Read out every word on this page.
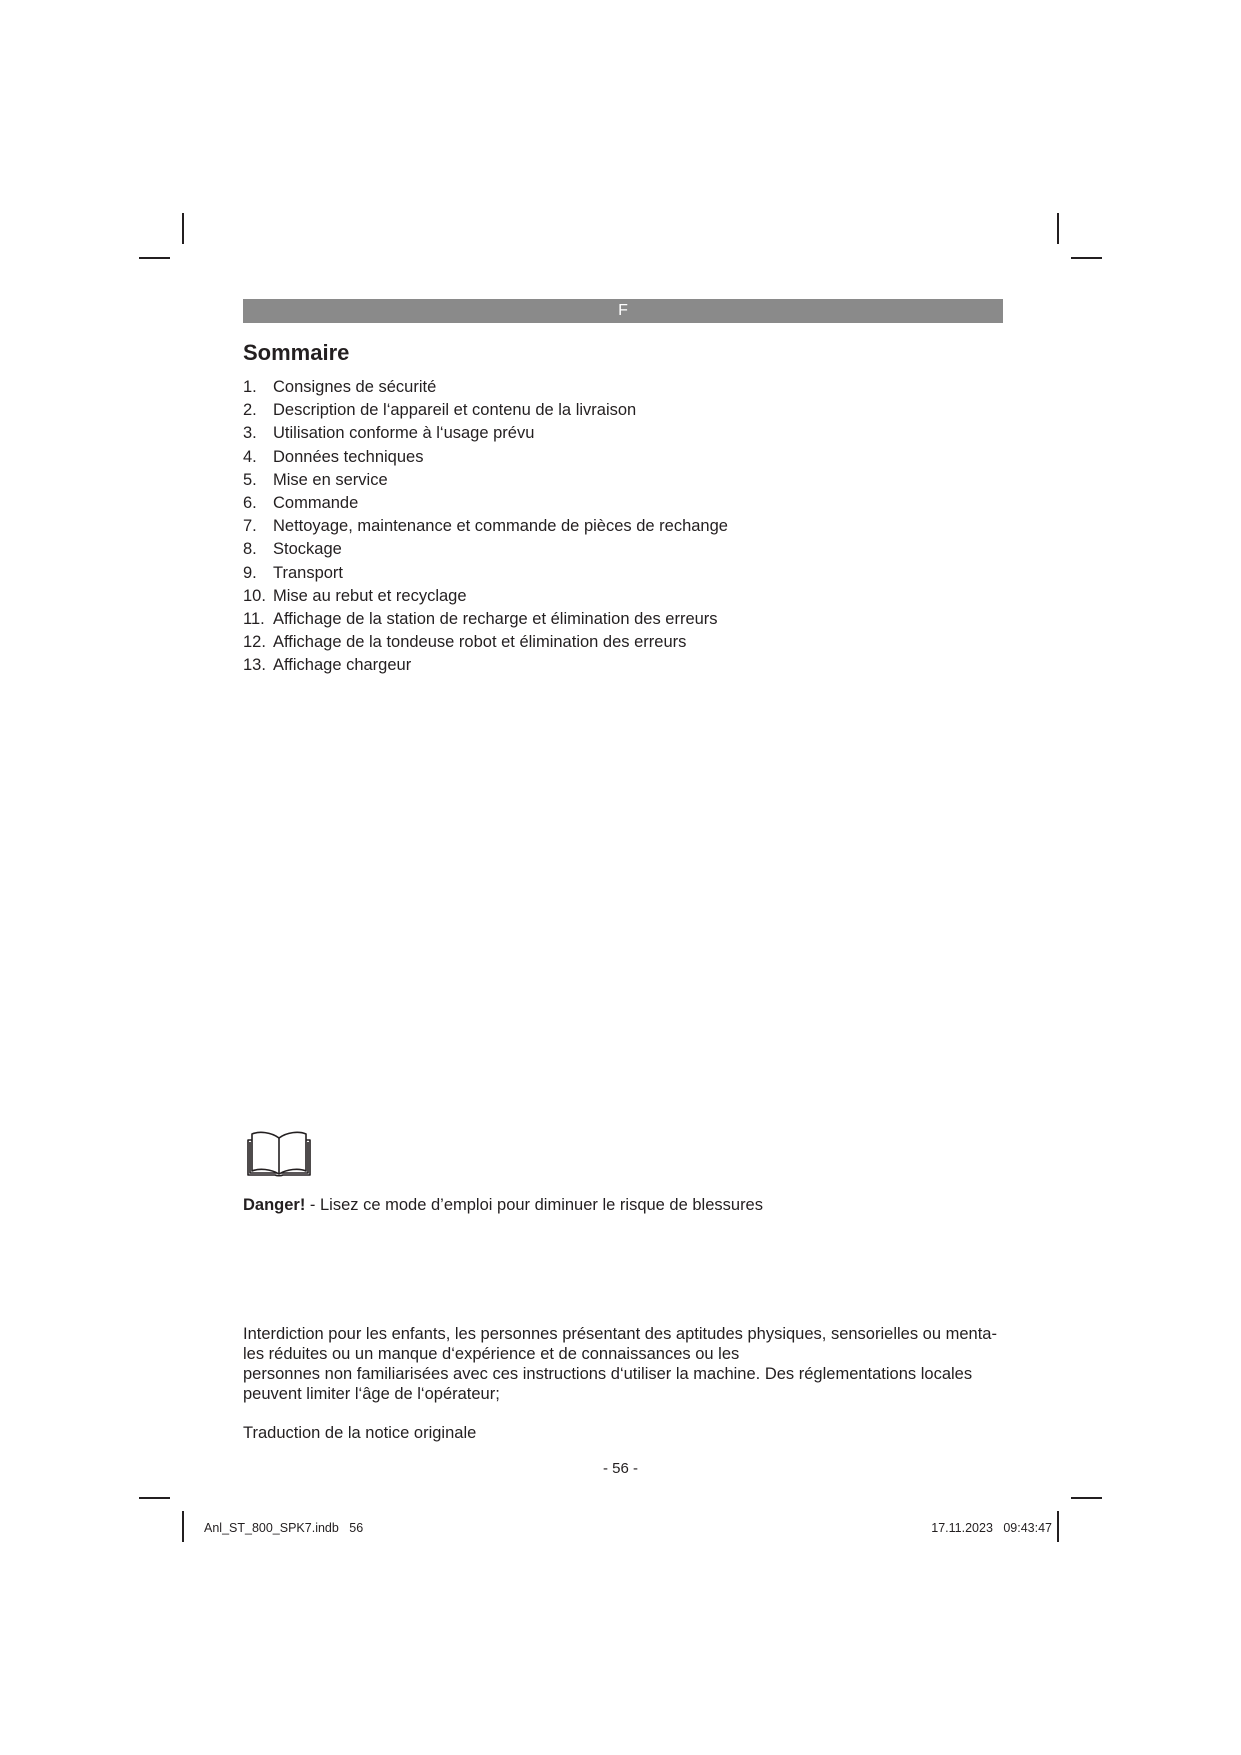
F
Sommaire
1. Consignes de sécurité
2. Description de l‘appareil et contenu de la livraison
3. Utilisation conforme à l‘usage prévu
4. Données techniques
5. Mise en service
6. Commande
7. Nettoyage, maintenance et commande de pièces de rechange
8. Stockage
9. Transport
10. Mise au rebut et recyclage
11. Affichage de la station de recharge et élimination des erreurs
12. Affichage de la tondeuse robot et élimination des erreurs
13. Affichage chargeur
Danger! - Lisez ce mode d’emploi pour diminuer le risque de blessures
Interdiction pour les enfants, les personnes présentant des aptitudes physiques, sensorielles ou menta-
les réduites ou un manque d‘expérience et de connaissances ou les
personnes non familiarisées avec ces instructions d‘utiliser la machine. Des réglementations locales
peuvent limiter l‘âge de l‘opérateur;
Traduction de la notice originale
- 56 -
Anl_ST_800_SPK7.indb   56	17.11.2023   09:43:47
